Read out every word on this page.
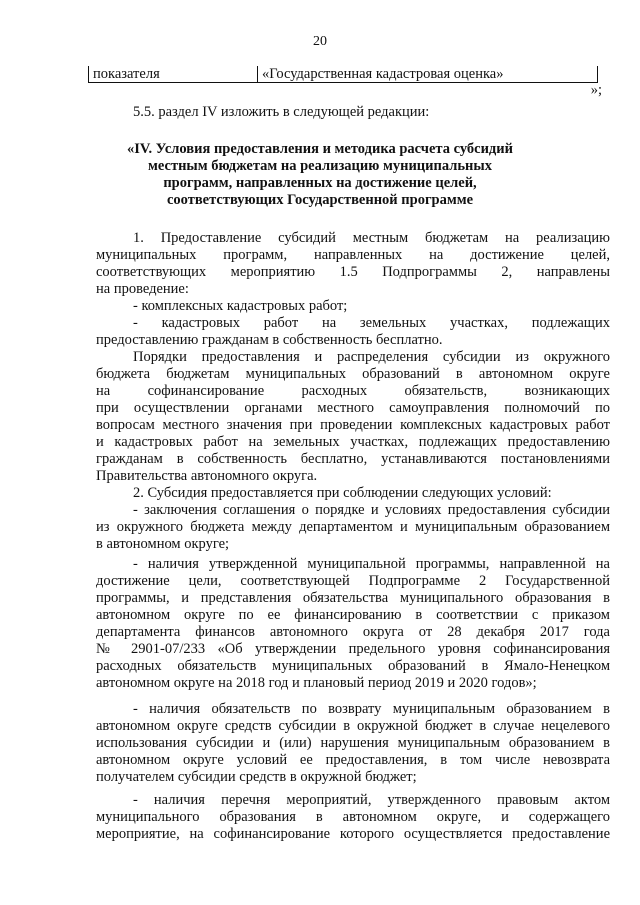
20
показателя	«Государственная кадастровая оценка»
»;
5.5. раздел IV изложить в следующей редакции:
«IV. Условия предоставления и методика расчета субсидий
местным бюджетам на реализацию муниципальных
программ, направленных на достижение целей,
соответствующих Государственной программе
1. Предоставление субсидий местным бюджетам на реализацию
муниципальных программ, направленных на достижение целей,
соответствующих мероприятию 1.5 Подпрограммы 2, направлены
на проведение:
- комплексных кадастровых работ;
- кадастровых работ на земельных участках, подлежащих
предоставлению гражданам в собственность бесплатно.
Порядки предоставления и распределения субсидии из окружного
бюджета бюджетам муниципальных образований в автономном округе
на софинансирование расходных обязательств, возникающих
при осуществлении органами местного самоуправления полномочий по
вопросам местного значения при проведении комплексных кадастровых работ
и кадастровых работ на земельных участках, подлежащих предоставлению
гражданам в собственность бесплатно, устанавливаются постановлениями
Правительства автономного округа.
2. Субсидия предоставляется при соблюдении следующих условий:
- заключения соглашения о порядке и условиях предоставления субсидии
из окружного бюджета между департаментом и муниципальным образованием
в автономном округе;
- наличия утвержденной муниципальной программы, направленной на
достижение цели, соответствующей Подпрограмме 2 Государственной
программы, и представления обязательства муниципального образования в
автономном округе по ее финансированию в соответствии с приказом
департамента финансов автономного округа от 28 декабря 2017 года
№ 2901-07/233 «Об утверждении предельного уровня софинансирования
расходных обязательств муниципальных образований в Ямало-Ненецком
автономном округе на 2018 год и плановый период 2019 и 2020 годов»;
- наличия обязательств по возврату муниципальным образованием в
автономном округе средств субсидии в окружной бюджет в случае нецелевого
использования субсидии и (или) нарушения муниципальным образованием в
автономном округе условий ее предоставления, в том числе невозврата
получателем субсидии средств в окружной бюджет;
- наличия перечня мероприятий, утвержденного правовым актом
муниципального образования в автономном округе, и содержащего
мероприятие, на софинансирование которого осуществляется предоставление
